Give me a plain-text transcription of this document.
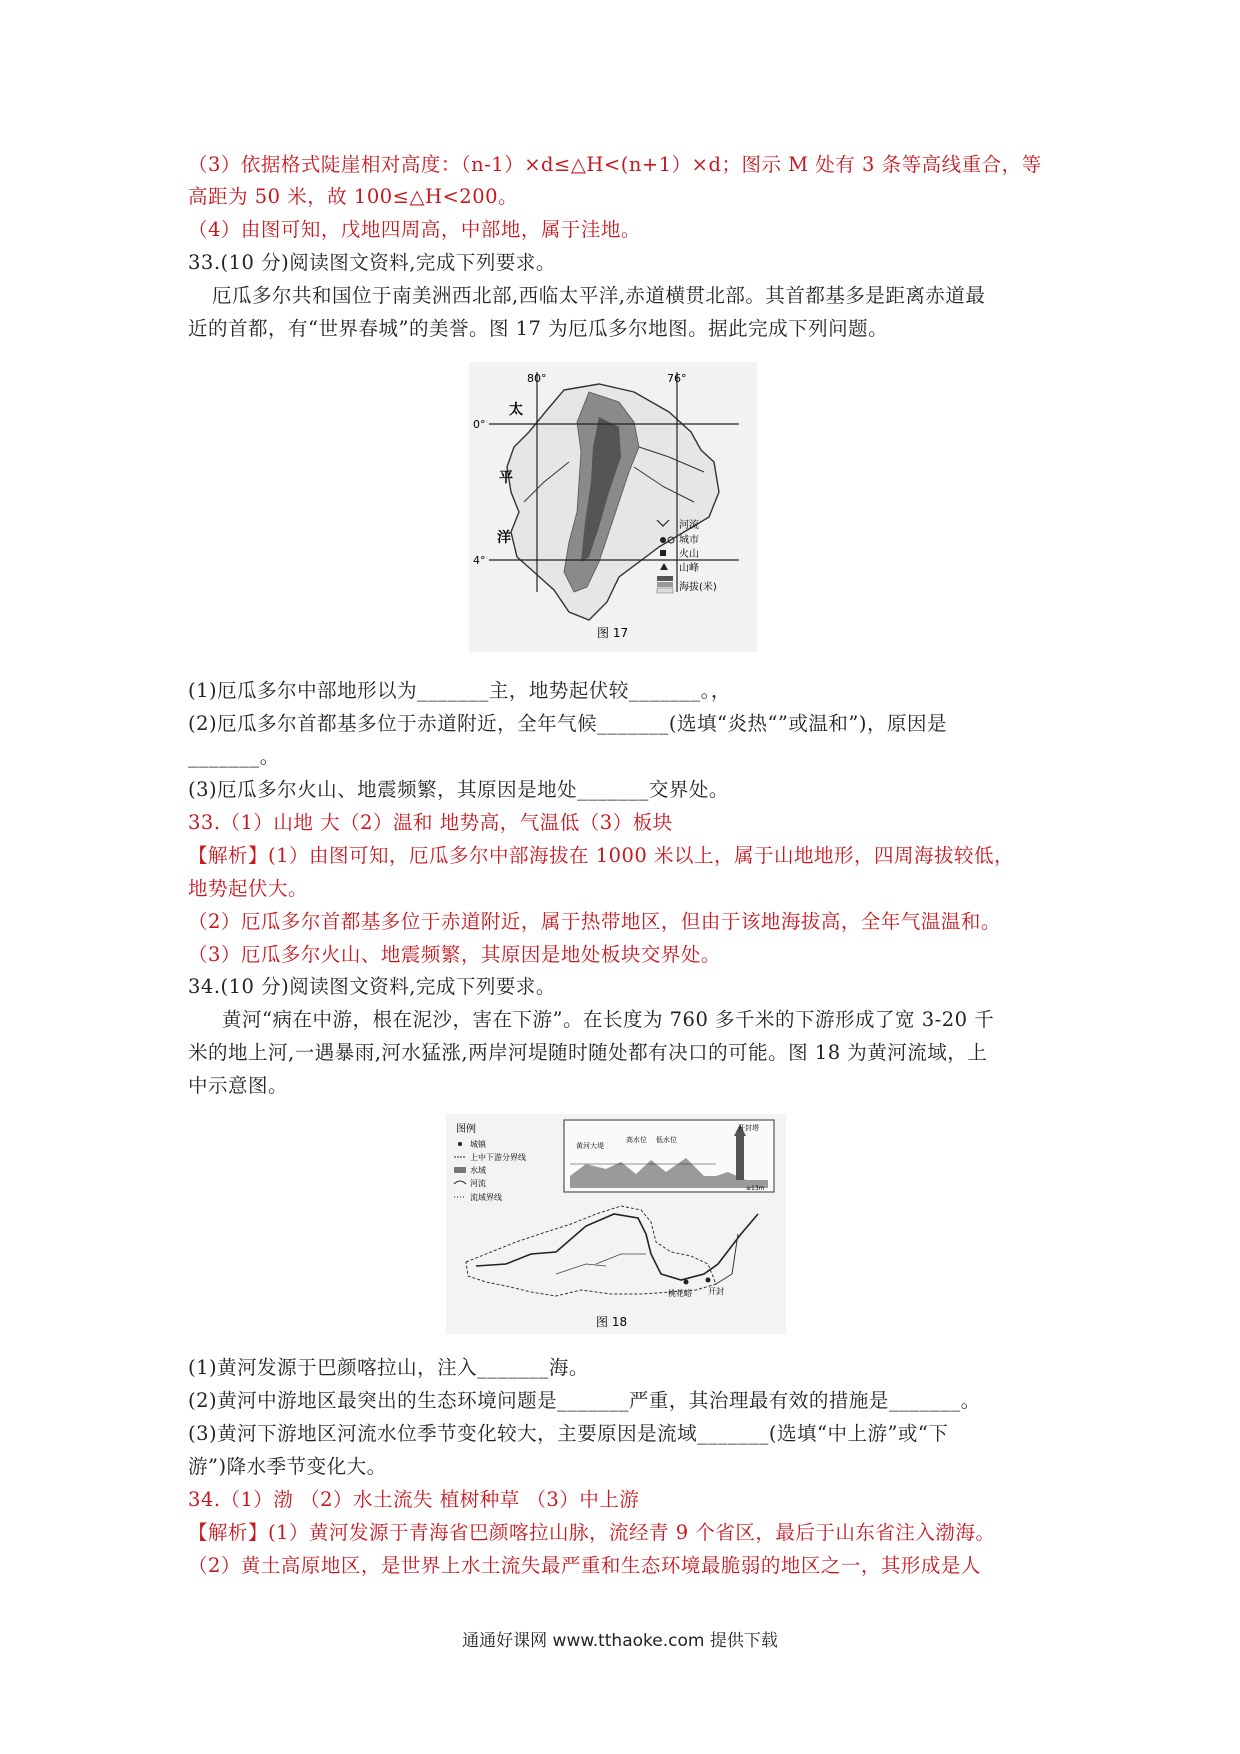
（3）依据格式陡崖相对高度：（n-1）×d≤△H<(n+1）×d；图示 M 处有 3 条等高线重合，等
高距为 50 米，故 100≤△H<200。
（4）由图可知，戊地四周高，中部地，属于洼地。
33.(10 分)阅读图文资料,完成下列要求。
厄瓜多尔共和国位于南美洲西北部,西临太平洋,赤道横贯北部。其首都基多是距离赤道最
近的首都，有“世界春城”的美誉。图 17 为厄瓜多尔地图。据此完成下列问题。
80°	76°
0°
4°
太
平
洋
河流
城市
火山
山峰
海拔(米)
图 17
(1)厄瓜多尔中部地形以为_______主，地势起伏较_______。，
(2)厄瓜多尔首都基多位于赤道附近，全年气候_______(选填“炎热“”或温和”)，原因是
_______。
(3)厄瓜多尔火山、地震频繁，其原因是地处_______交界处。
33.（1）山地 大（2）温和 地势高，气温低（3）板块
【解析】(1）由图可知，厄瓜多尔中部海拔在 1000 米以上，属于山地地形，四周海拔较低，
地势起伏大。
（2）厄瓜多尔首都基多位于赤道附近，属于热带地区，但由于该地海拔高，全年气温温和。
（3）厄瓜多尔火山、地震频繁，其原因是地处板块交界处。
34.(10 分)阅读图文资料,完成下列要求。
黄河“病在中游，根在泥沙，害在下游”。在长度为 760 多千米的下游形成了宽 3-20 千
米的地上河,一遇暴雨,河水猛涨,两岸河堤随时随处都有决口的可能。图 18 为黄河流域，上
中示意图。
图例
城镇
上中下游分界线
水域
河流
流域界线
开封塔
黄河大堤
高水位 低水位
≥13m
桃花峪 开封
图 18
(1)黄河发源于巴颜喀拉山，注入_______海。
(2)黄河中游地区最突出的生态环境问题是_______严重，其治理最有效的措施是_______。
(3)黄河下游地区河流水位季节变化较大，主要原因是流域_______(选填“中上游”或“下
游”)降水季节变化大。
34.（1）渤 （2）水土流失 植树种草 （3）中上游
【解析】(1）黄河发源于青海省巴颜喀拉山脉，流经青 9 个省区，最后于山东省注入渤海。
（2）黄土高原地区，是世界上水土流失最严重和生态环境最脆弱的地区之一，其形成是人
通通好课网 www.tthaoke.com 提供下载
